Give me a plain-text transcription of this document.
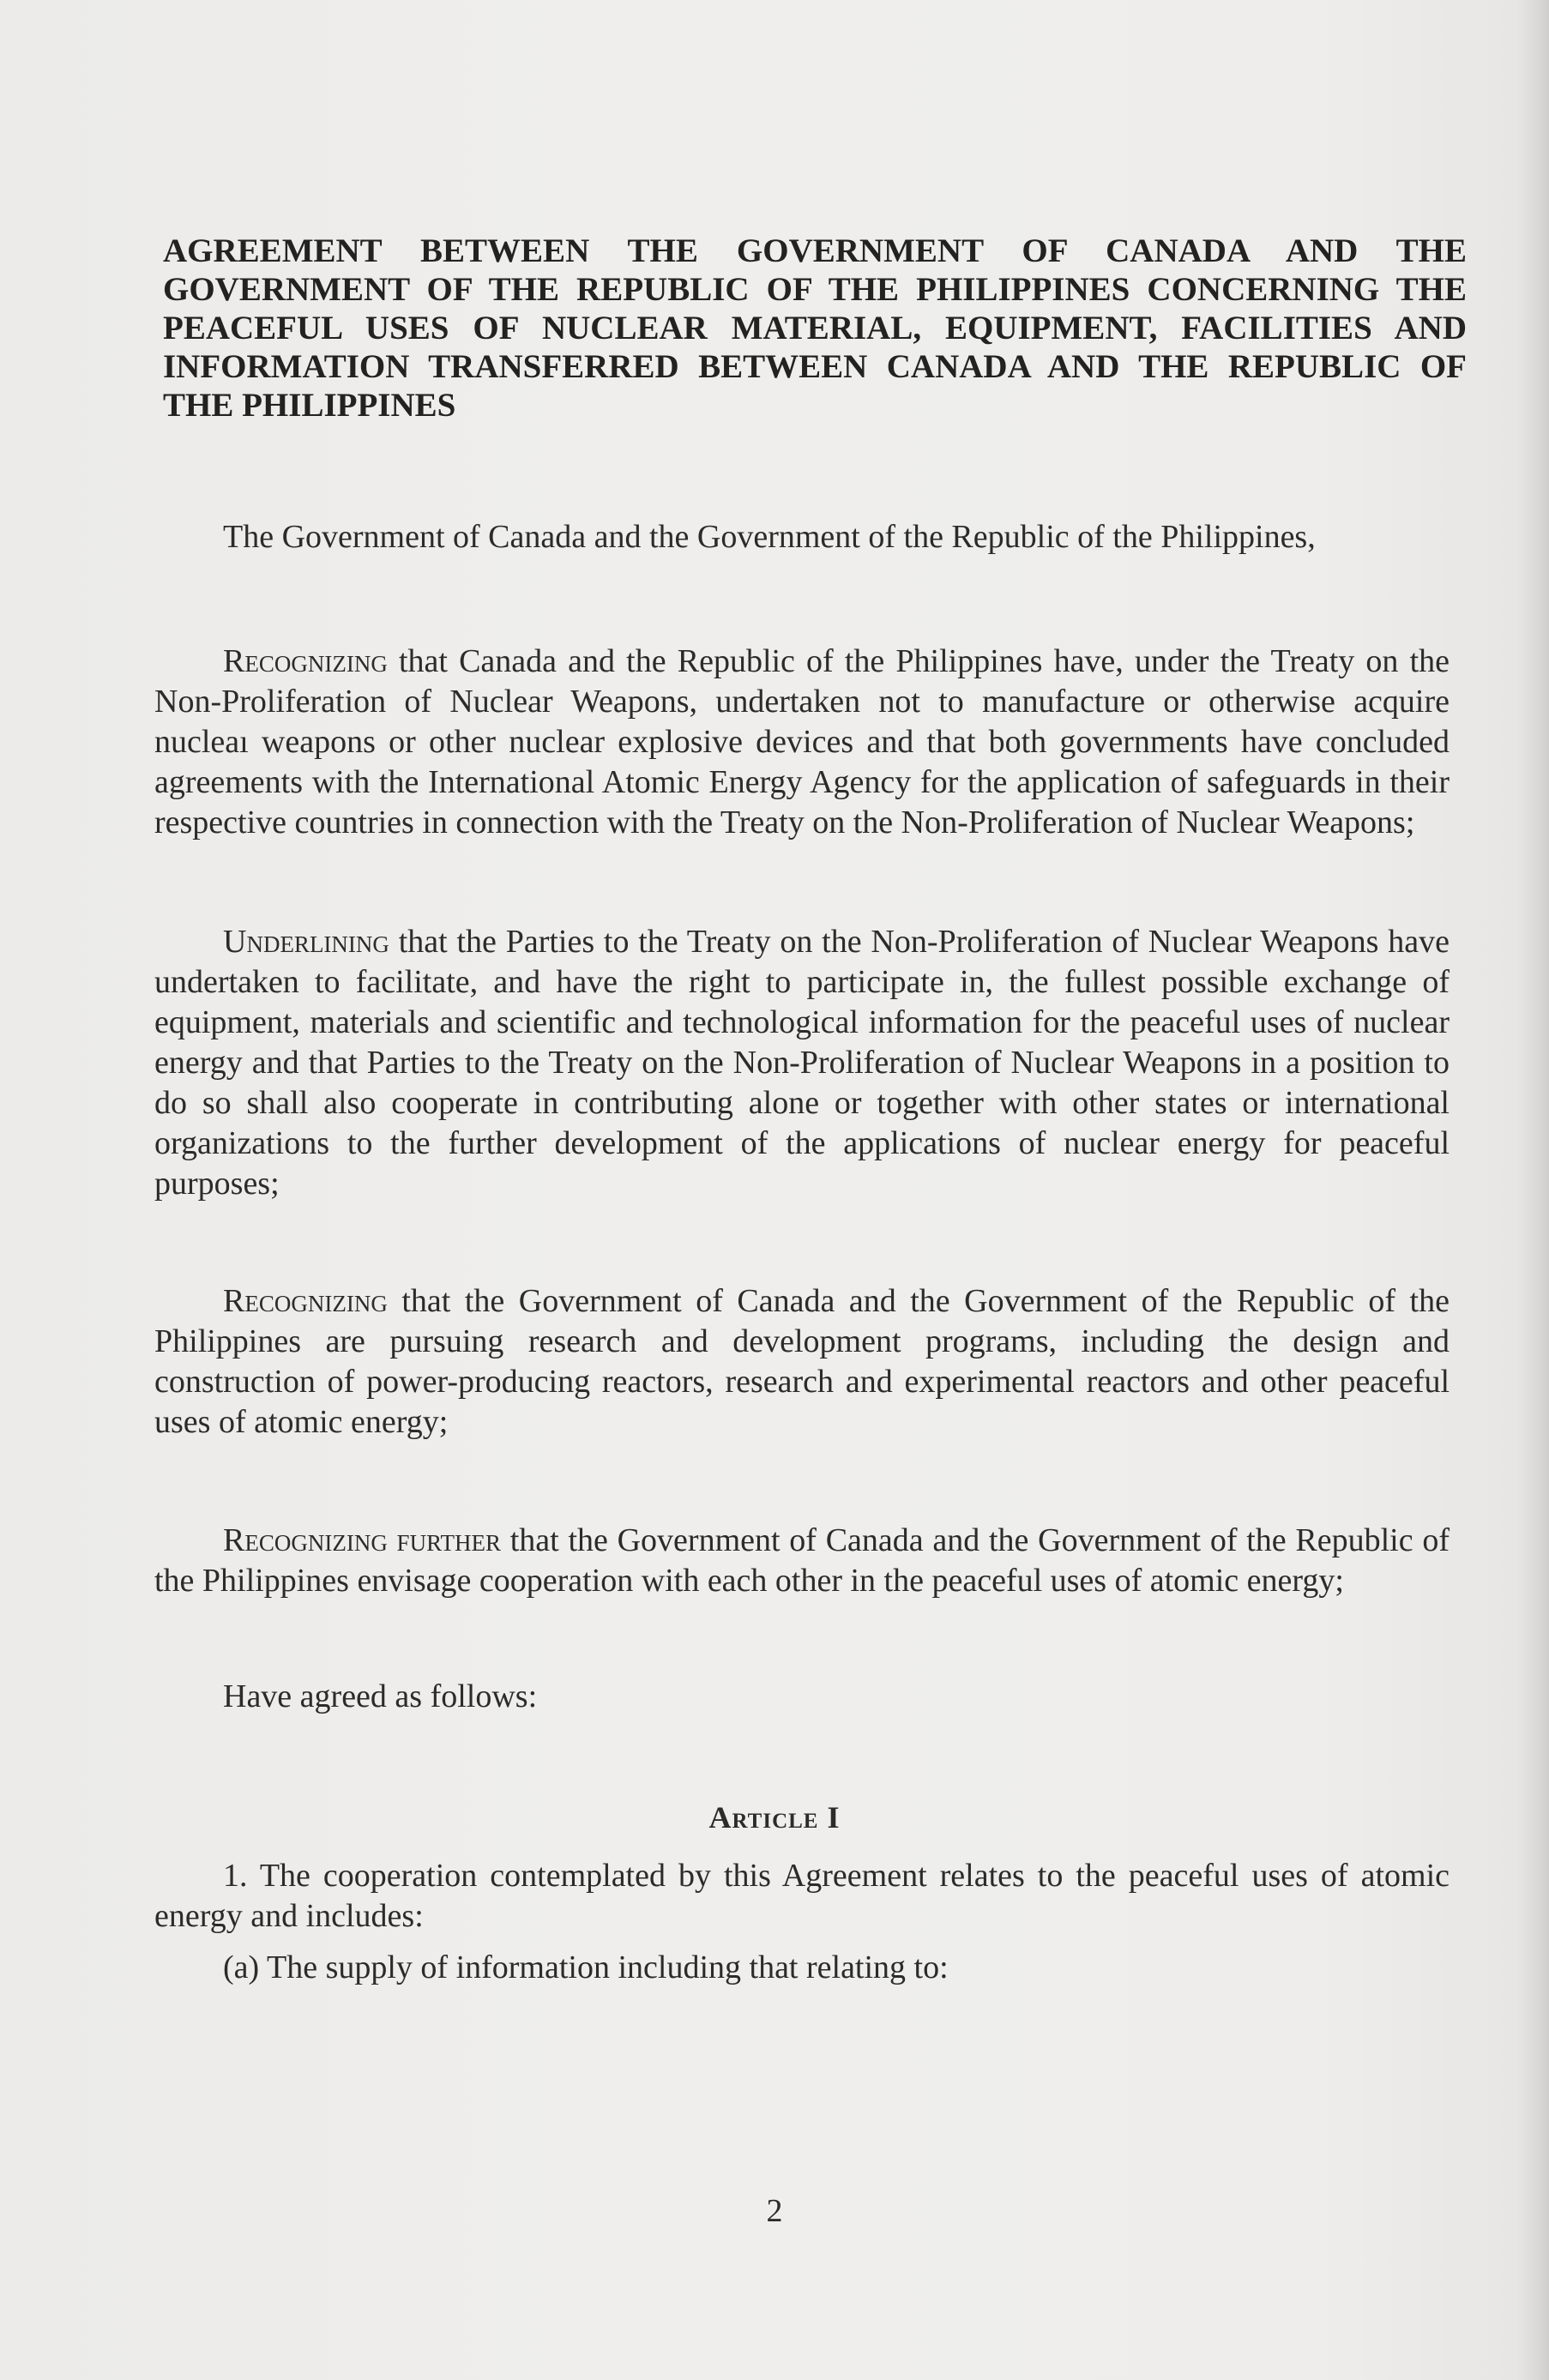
AGREEMENT BETWEEN THE GOVERNMENT OF CANADA AND THE GOVERNMENT OF THE REPUBLIC OF THE PHILIPPINES CONCERNING THE PEACEFUL USES OF NUCLEAR MATERIAL, EQUIPMENT, FACILITIES AND INFORMATION TRANSFERRED BETWEEN CANADA AND THE REPUBLIC OF THE PHILIPPINES

The Government of Canada and the Government of the Republic of the Philippines,

Recognizing that Canada and the Republic of the Philippines have, under the Treaty on the Non-Proliferation of Nuclear Weapons, undertaken not to manufacture or otherwise acquire nucleaı weapons or other nuclear explosive devices and that both governments have concluded agreements with the International Atomic Energy Agency for the application of safeguards in their respective countries in connection with the Treaty on the Non-Proliferation of Nuclear Weapons;

Underlining that the Parties to the Treaty on the Non-Proliferation of Nuclear Weapons have undertaken to facilitate, and have the right to participate in, the fullest possible exchange of equipment, materials and scientific and technological information for the peaceful uses of nuclear energy and that Parties to the Treaty on the Non-Proliferation of Nuclear Weapons in a position to do so shall also cooperate in contributing alone or together with other states or international organizations to the further development of the applications of nuclear energy for peaceful purposes;

Recognizing that the Government of Canada and the Government of the Republic of the Philippines are pursuing research and development programs, including the design and construction of power-producing reactors, research and experimental reactors and other peaceful uses of atomic energy;

Recognizing further that the Government of Canada and the Government of the Republic of the Philippines envisage cooperation with each other in the peaceful uses of atomic energy;

Have agreed as follows:

Article I

1. The cooperation contemplated by this Agreement relates to the peaceful uses of atomic energy and includes:

(a) The supply of information including that relating to:

2
